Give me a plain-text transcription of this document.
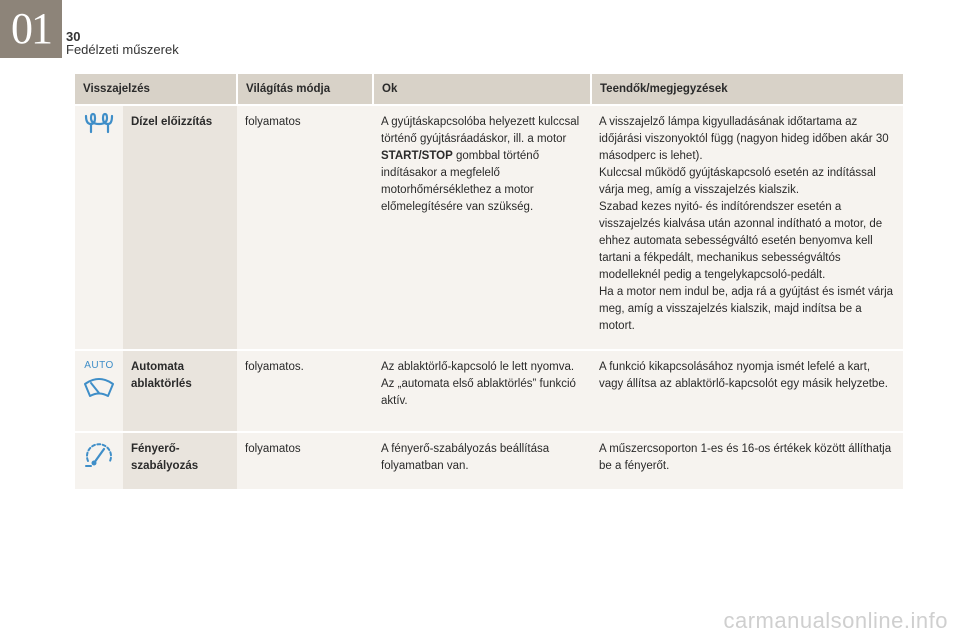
01	30
Fedélzeti műszerek
Visszajelzés		Világítás módja	Ok	Teendők/megjegyzések

Dízel előizzítás	folyamatos	A gyújtáskapcsolóba helyezett kulccsal történő gyújtásráadáskor, ill. a motor START/STOP gombbal történő indításakor a megfelelő motorhőmérséklethez a motor előmelegítésére van szükség.	A visszajelző lámpa kigyulladásának időtartama az időjárási viszonyoktól függ (nagyon hideg időben akár 30 másodperc is lehet).
Kulccsal működő gyújtáskapcsoló esetén az indítással várja meg, amíg a visszajelzés kialszik.
Szabad kezes nyitó- és indítórendszer esetén a visszajelzés kialvása után azonnal indítható a motor, de ehhez automata sebességváltó esetén benyomva kell tartani a fékpedált, mechanikus sebességváltós modelleknél pedig a tengelykapcsoló-pedált.
Ha a motor nem indul be, adja rá a gyújtást és ismét várja meg, amíg a visszajelzés kialszik, majd indítsa be a motort.

AUTO	Automata
ablaktörlés	folyamatos.	Az ablaktörlő-kapcsoló le lett nyomva. Az „automata első ablaktörlés” funkció aktív.	A funkció kikapcsolásához nyomja ismét lefelé a kart, vagy állítsa az ablaktörlő-kapcsolót egy másik helyzetbe.

Fényerő-
szabályozás	folyamatos	A fényerő-szabályozás beállítása folyamatban van.	A műszercsoporton 1-es és 16-os értékek között állíthatja be a fényerőt.
carmanualsonline.info
